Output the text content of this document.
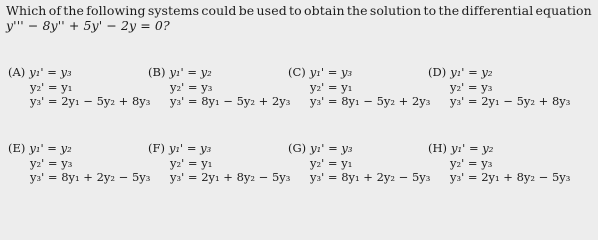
Which of the following systems could be used to obtain the solution to the differential equation
y''' − 8y'' + 5y' − 2y = 0?
(A) y₁' = y₃
y₂' = y₁
y₃' = 2y₁ − 5y₂ + 8y₃
(B) y₁' = y₂
y₂' = y₃
y₃' = 8y₁ − 5y₂ + 2y₃
(C) y₁' = y₃
y₂' = y₁
y₃' = 8y₁ − 5y₂ + 2y₃
(D) y₁' = y₂
y₂' = y₃
y₃' = 2y₁ − 5y₂ + 8y₃
(E) y₁' = y₂
y₂' = y₃
y₃' = 8y₁ + 2y₂ − 5y₃
(F) y₁' = y₃
y₂' = y₁
y₃' = 2y₁ + 8y₂ − 5y₃
(G) y₁' = y₃
y₂' = y₁
y₃' = 8y₁ + 2y₂ − 5y₃
(H) y₁' = y₂
y₂' = y₃
y₃' = 2y₁ + 8y₂ − 5y₃
